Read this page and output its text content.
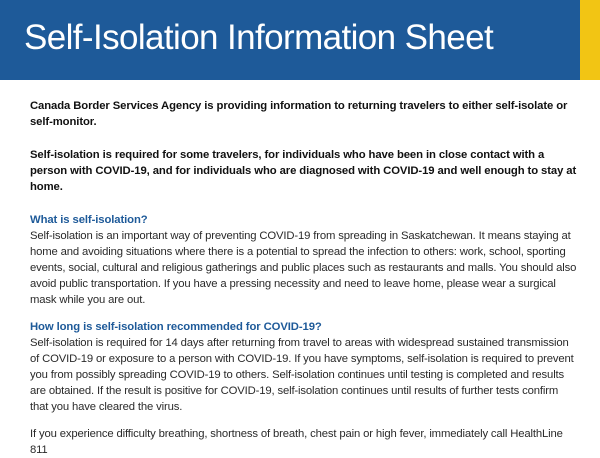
Self-Isolation Information Sheet

Canada Border Services Agency is providing information to returning travelers to either self-isolate or self-monitor.

Self-isolation is required for some travelers, for individuals who have been in close contact with a person with COVID-19, and for individuals who are diagnosed with COVID-19 and well enough to stay at home.

What is self-isolation?

Self-isolation is an important way of preventing COVID-19 from spreading in Saskatchewan. It means staying at home and avoiding situations where there is a potential to spread the infection to others: work, school, sporting events, social, cultural and religious gatherings and public places such as restaurants and malls. You should also avoid public transportation. If you have a pressing necessity and need to leave home, please wear a surgical mask while you are out.

How long is self-isolation recommended for COVID-19?

Self-isolation is required for 14 days after returning from travel to areas with widespread sustained transmission of COVID-19 or exposure to a person with COVID-19. If you have symptoms, self-isolation is required to prevent you from possibly spreading COVID-19 to others. Self-isolation continues until testing is completed and results are obtained. If the result is positive for COVID-19, self-isolation continues until results of further tests confirm that you have cleared the virus.

If you experience difficulty breathing, shortness of breath, chest pain or high fever, immediately call HealthLine 811
